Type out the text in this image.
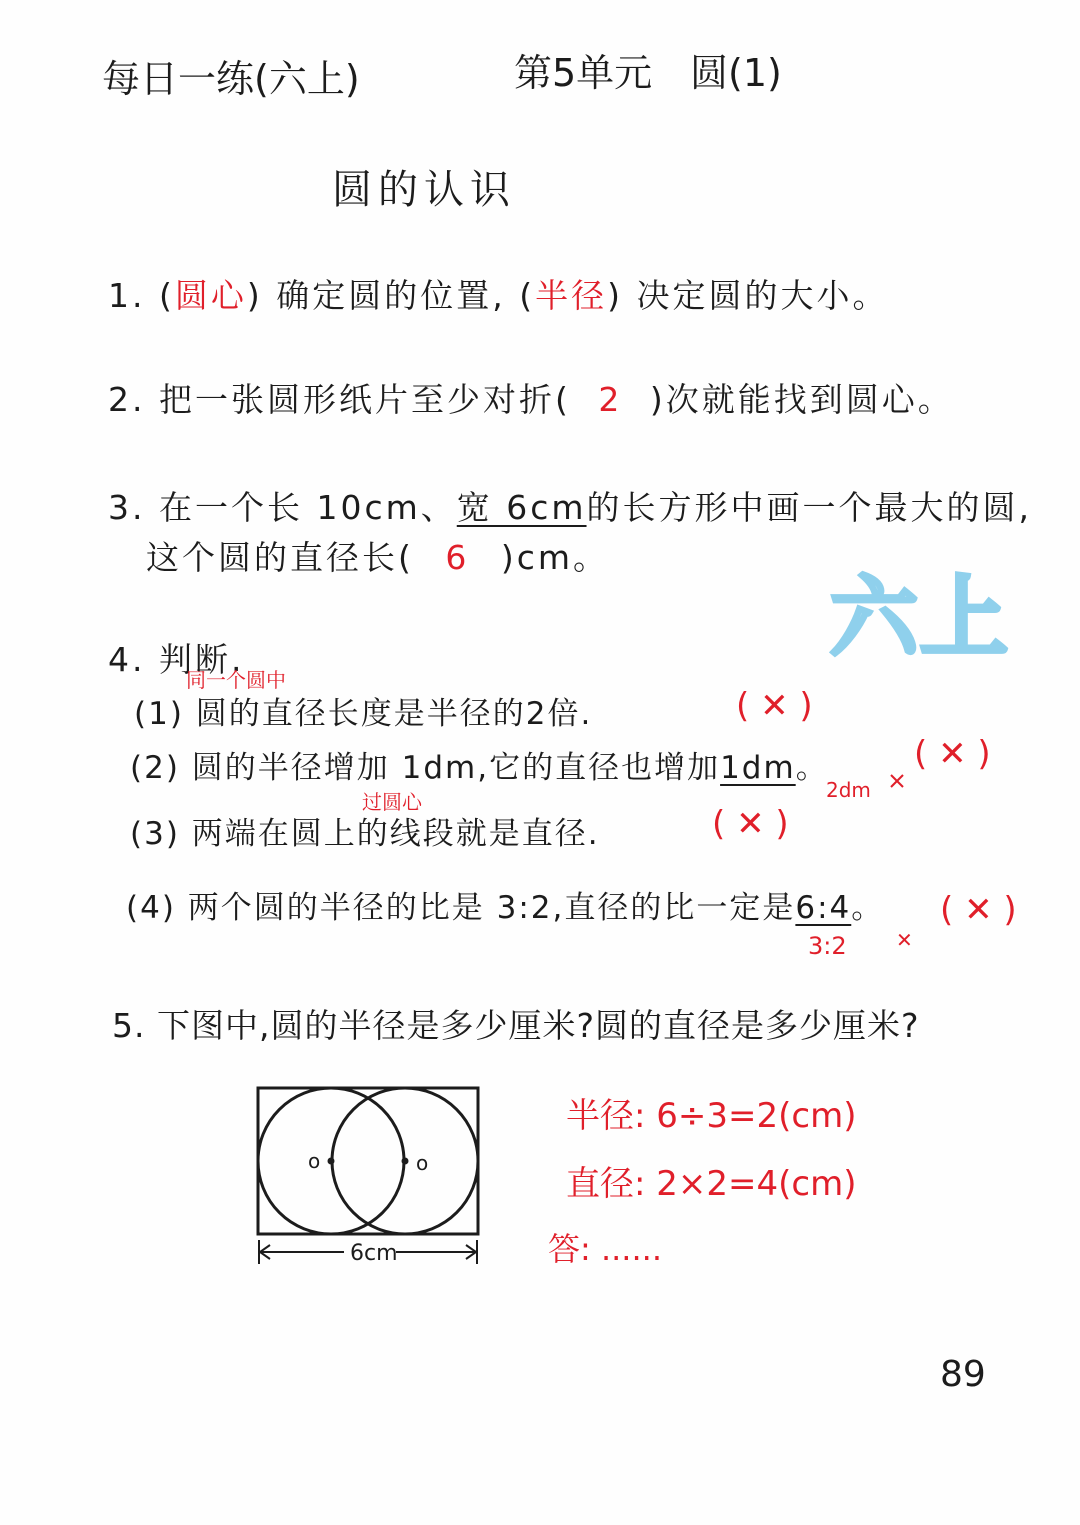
每日一练(六上)	第5单元 圆(1)
圆的认识
1. (圆心) 确定圆的位置, (半径) 决定圆的大小。
2. 把一张圆形纸片至少对折( 2 )次就能找到圆心。
3. 在一个长 10cm、宽 6cm的长方形中画一个最大的圆,
这个圆的直径长( 6 )cm。
六上
4. 判断.
同一个圆中
(1) 圆的直径长度是半径的2倍.	( ✕ )
(2) 圆的半径增加 1dm,它的直径也增加1dm。
2dm
( ✕ )
过圆心
(3) 两端在圆上的线段就是直径.	( ✕ )
(4) 两个圆的半径的比是 3:2,直径的比一定是6:4。 ( ✕ )
3:2 ✕
5. 下图中,圆的半径是多少厘米?圆的直径是多少厘米?
o	o
6cm
半径: 6÷3=2(cm)
直径: 2×2=4(cm)
答: ......
89
